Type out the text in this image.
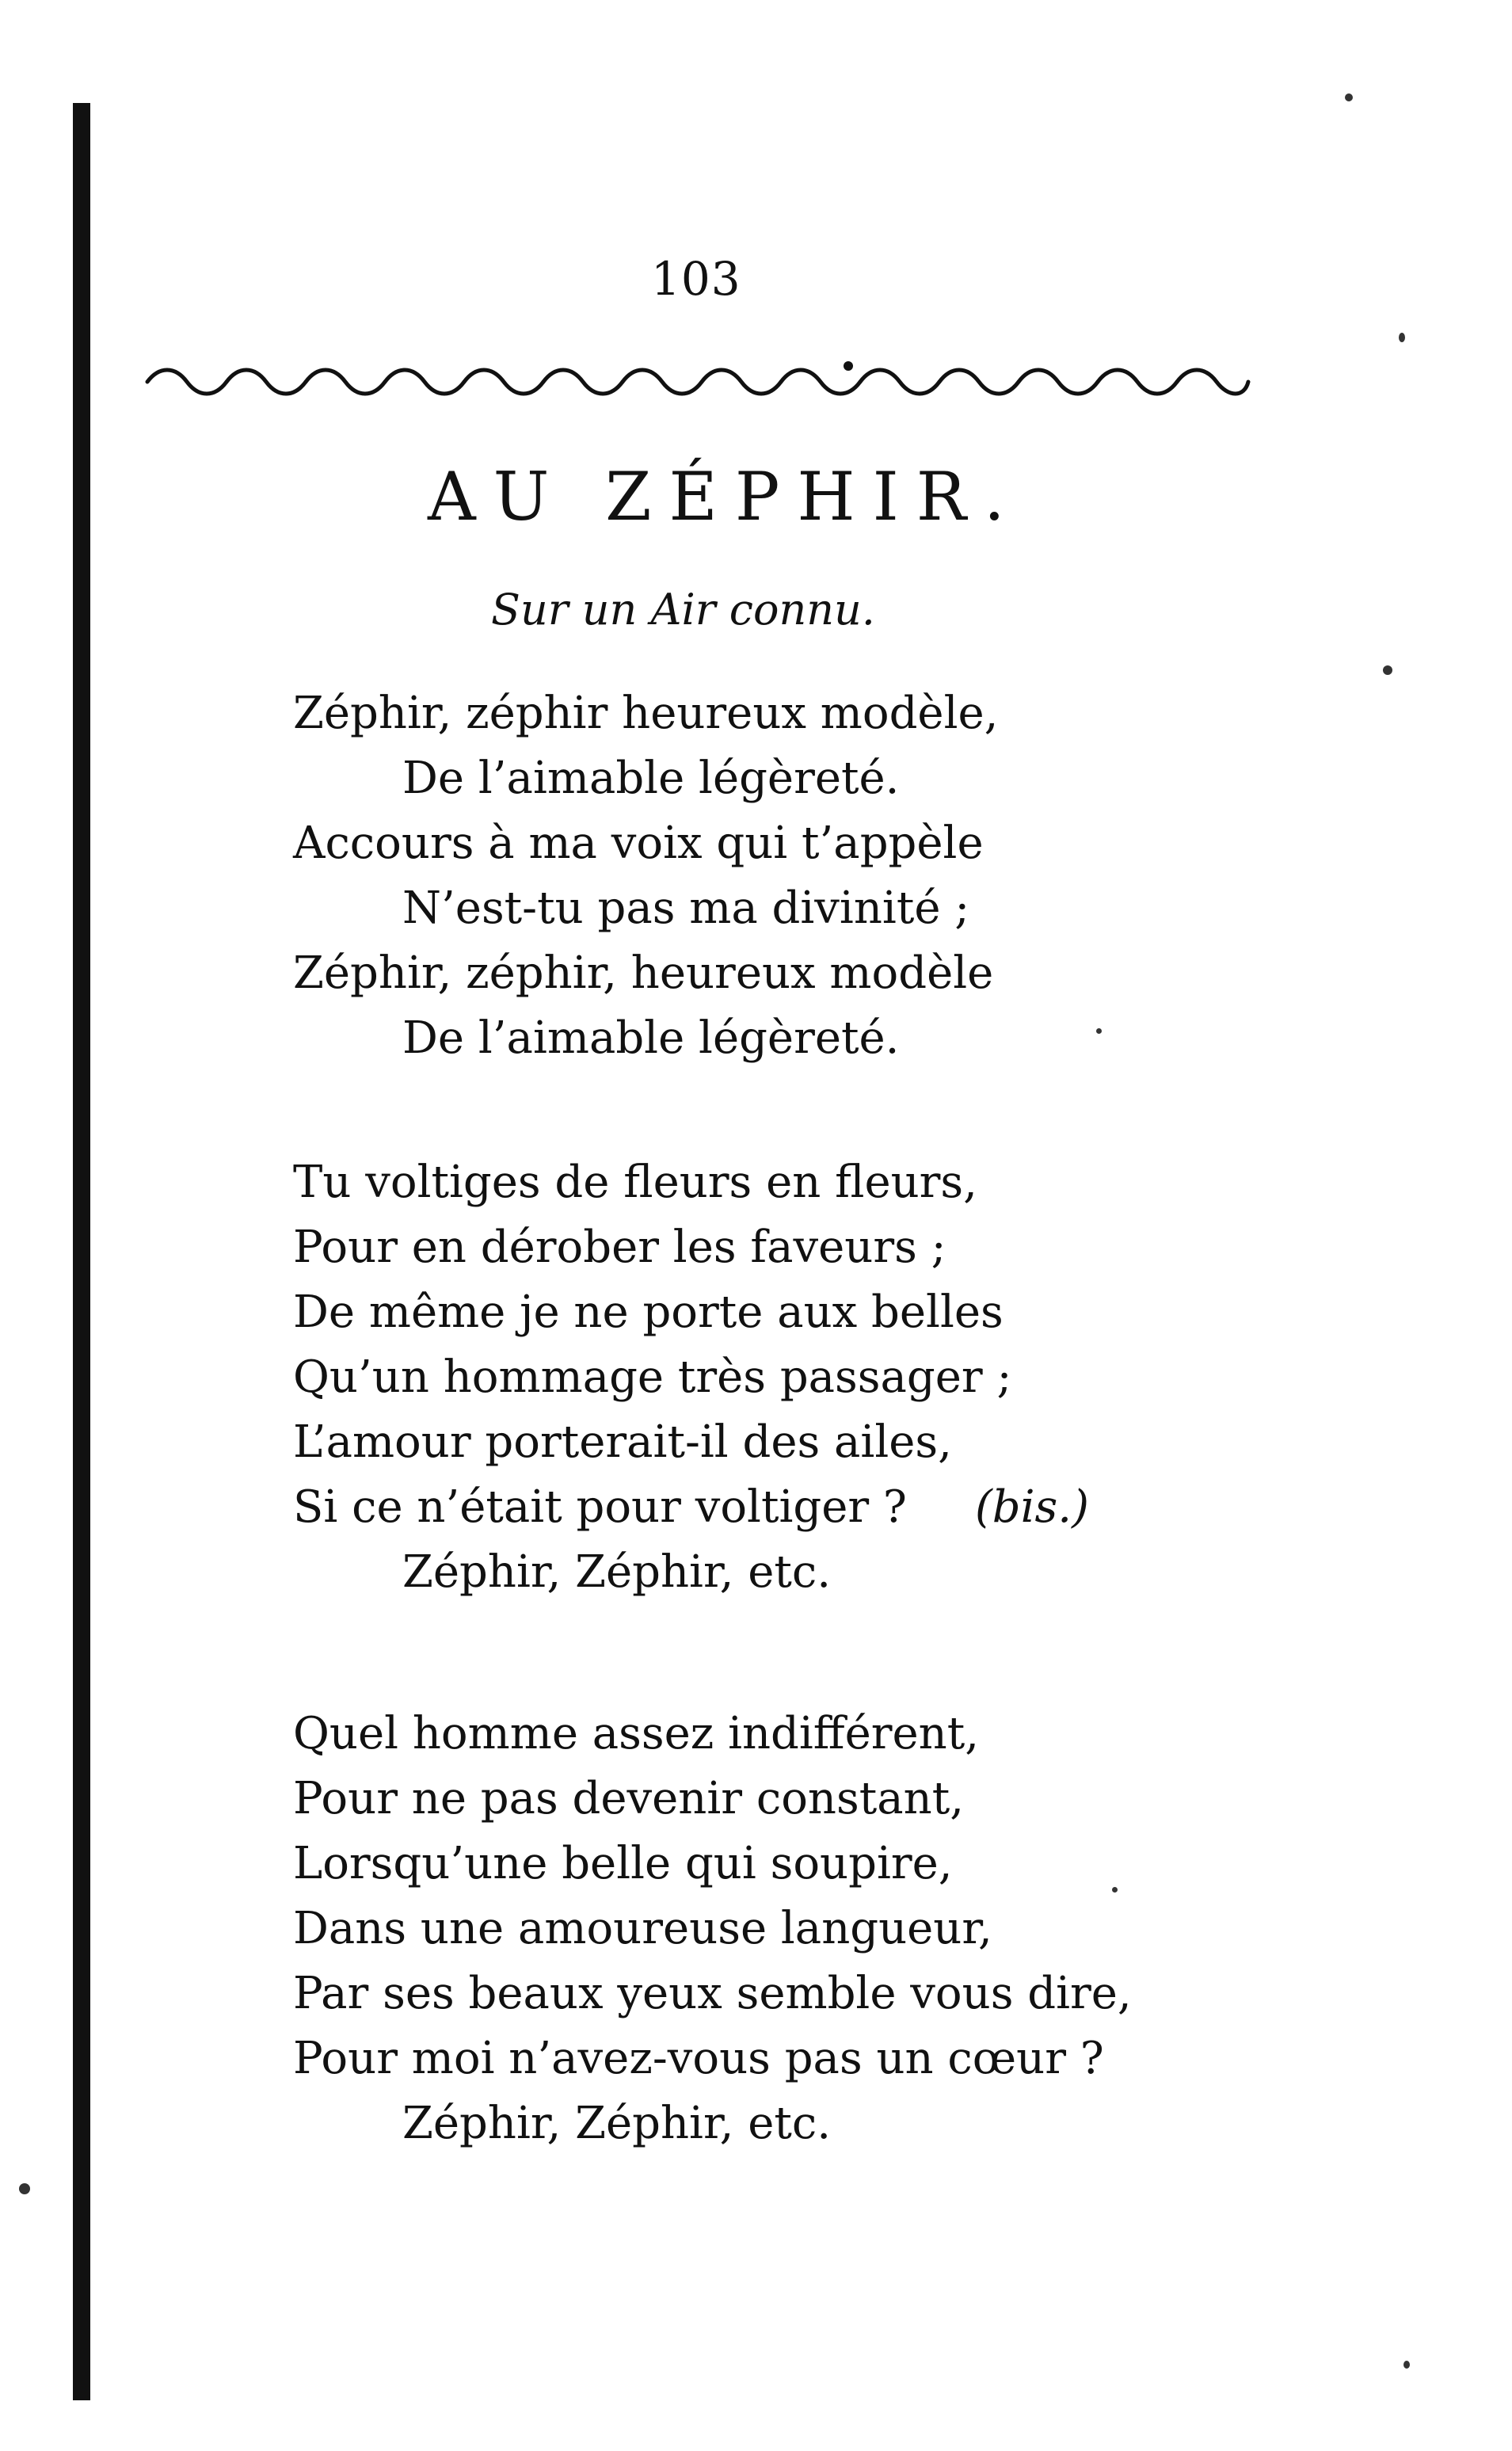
103
AU ZÉPHIR.
Sur un Air connu.
Zéphir, zéphir heureux modèle,
De l’aimable légèreté.
Accours à ma voix qui t’appèle
N’est-tu pas ma divinité ;
Zéphir, zéphir, heureux modèle
De l’aimable légèreté.
Tu voltiges de fleurs en fleurs,
Pour en dérober les faveurs ;
De même je ne porte aux belles
Qu’un hommage très passager ;
L’amour porterait-il des ailes,
Si ce n’était pour voltiger ? (bis.)
Zéphir, Zéphir, etc.
Quel homme assez indifférent,
Pour ne pas devenir constant,
Lorsqu’une belle qui soupire,
Dans une amoureuse langueur,
Par ses beaux yeux semble vous dire,
Pour moi n’avez-vous pas un cœur ?
Zéphir, Zéphir, etc.
